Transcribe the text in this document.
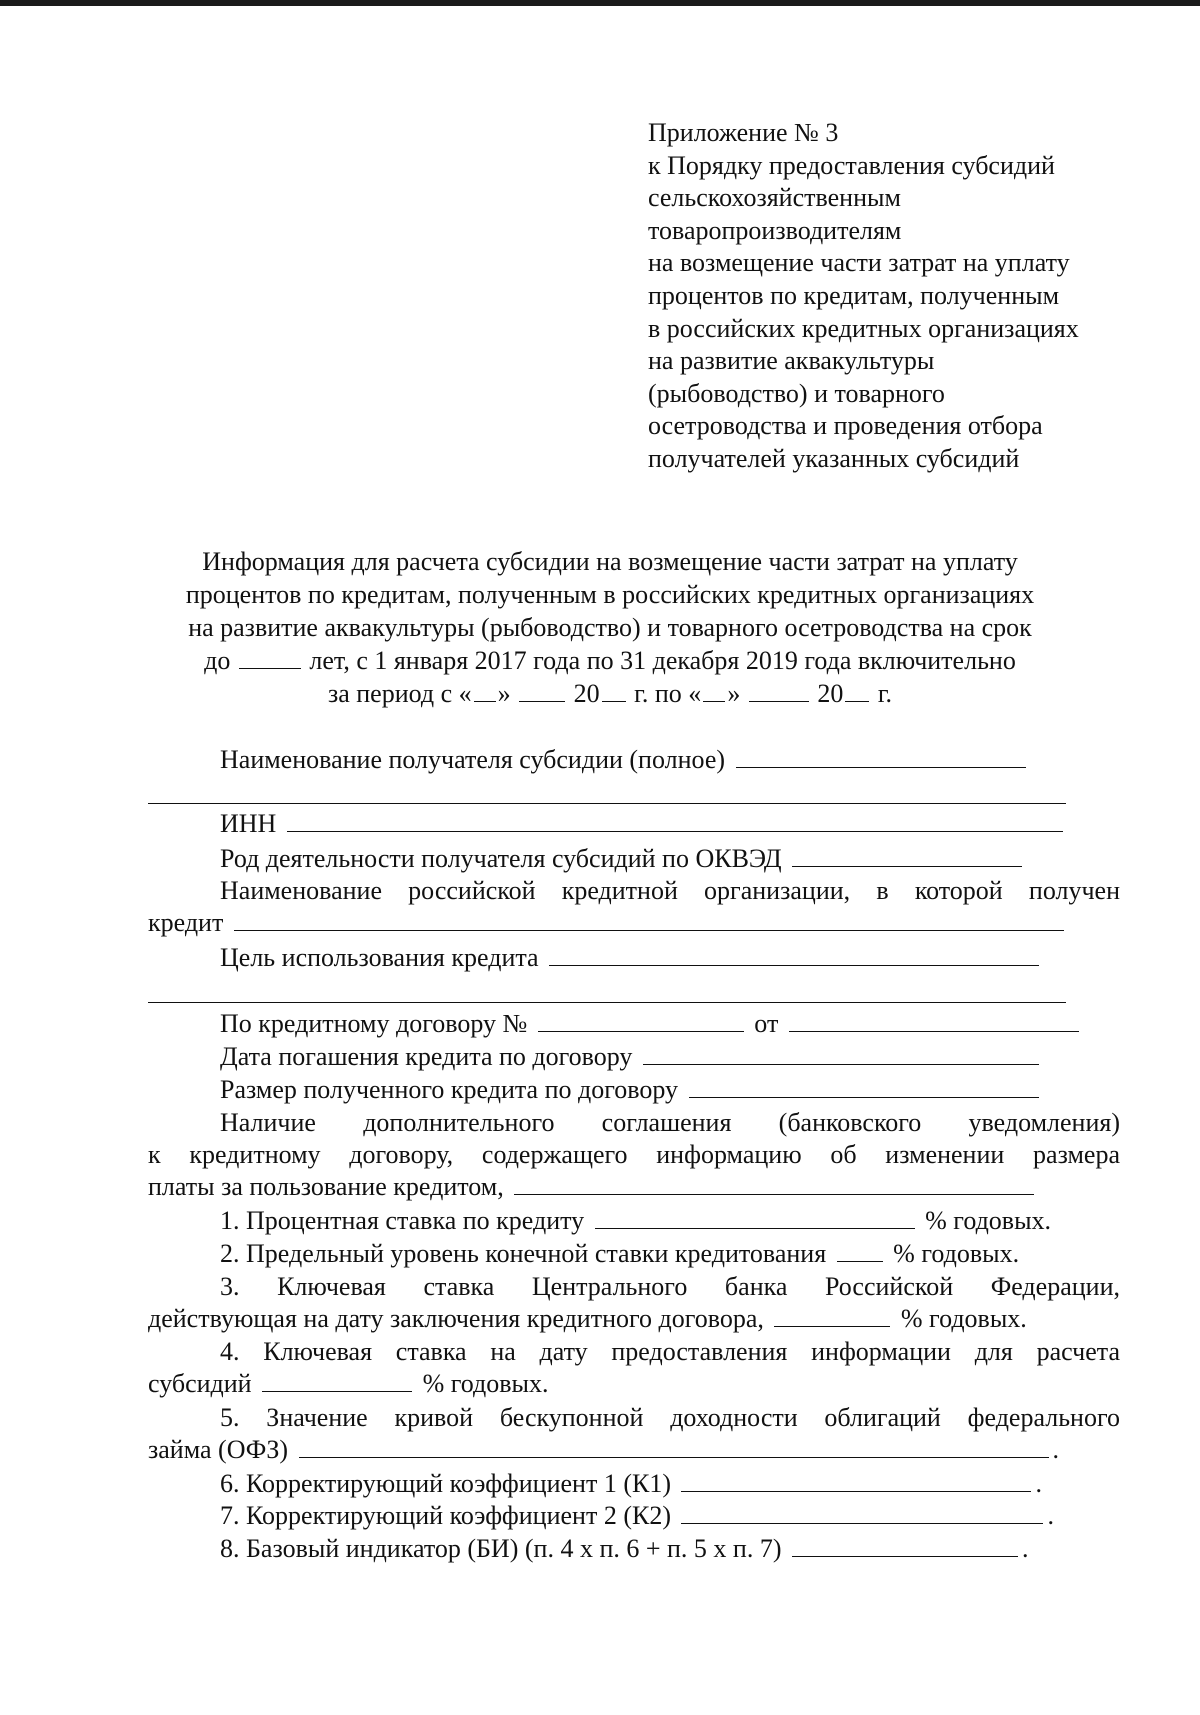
Приложение № 3
к Порядку предоставления субсидий
сельскохозяйственным
товаропроизводителям
на возмещение части затрат на уплату
процентов по кредитам, полученным
в российских кредитных организациях
на развитие аквакультуры
(рыбоводство) и товарного
осетроводства и проведения отбора
получателей указанных субсидий
Информация для расчета субсидии на возмещение части затрат на уплату
процентов по кредитам, полученным в российских кредитных организациях
на развитие аквакультуры (рыбоводство) и товарного осетроводства на срок
до	лет, с 1 января 2017 года по 31 декабря 2019 года включительно
за период с « » 20 г. по « »	20 г.
Наименование получателя субсидии (полное)
ИНН
Род деятельности получателя субсидий по ОКВЭД
Наименование российской кредитной организации, в которой получен
кредит
Цель использования кредита
По кредитному договору №	от
Дата погашения кредита по договору
Размер полученного кредита по договору
Наличие дополнительного соглашения (банковского уведомления)
к кредитному договору, содержащего информацию об изменении размера
платы за пользование кредитом,
1. Процентная ставка по кредиту	% годовых.
2. Предельный уровень конечной ставки кредитования	% годовых.
3. Ключевая ставка Центрального банка Российской Федерации,
действующая на дату заключения кредитного договора,	% годовых.
4. Ключевая ставка на дату предоставления информации для расчета
субсидий	% годовых.
5. Значение кривой бескупонной доходности облигаций федерального
займа (ОФЗ)	.
6. Корректирующий коэффициент 1 (К1)	.
7. Корректирующий коэффициент 2 (К2)	.
8. Базовый индикатор (БИ) (п. 4 х п. 6 + п. 5 х п. 7)	.
